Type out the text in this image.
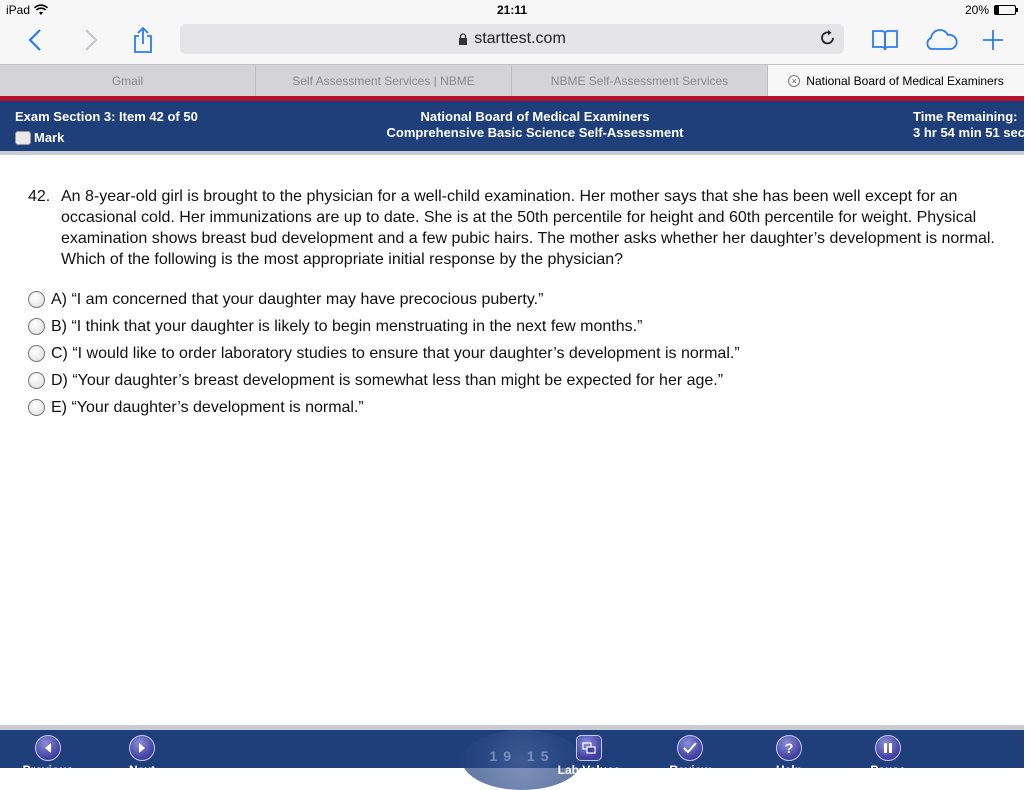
iPad	21:11	20%
starttest.com
Gmail	Self Assessment Services | NBME	NBME Self-Assessment Services	× National Board of Medical Examiners
Exam Section 3: Item 42 of 50
Mark
National Board of Medical Examiners
Comprehensive Basic Science Self-Assessment
Time Remaining:
3 hr 54 min 51 sec
42. An 8-year-old girl is brought to the physician for a well-child examination. Her mother says that she has been well except for an occasional cold. Her immunizations are up to date. She is at the 50th percentile for height and 60th percentile for weight. Physical examination shows breast bud development and a few pubic hairs. The mother asks whether her daughter’s development is normal. Which of the following is the most appropriate initial response by the physician?
A) “I am concerned that your daughter may have precocious puberty.”
B) “I think that your daughter is likely to begin menstruating in the next few months.”
C) “I would like to order laboratory studies to ensure that your daughter’s development is normal.”
D) “Your daughter’s breast development is somewhat less than might be expected for her age.”
E) “Your daughter’s development is normal.”
19 15
Previous	Next	Lab Values	Review
?
Help	Pause
